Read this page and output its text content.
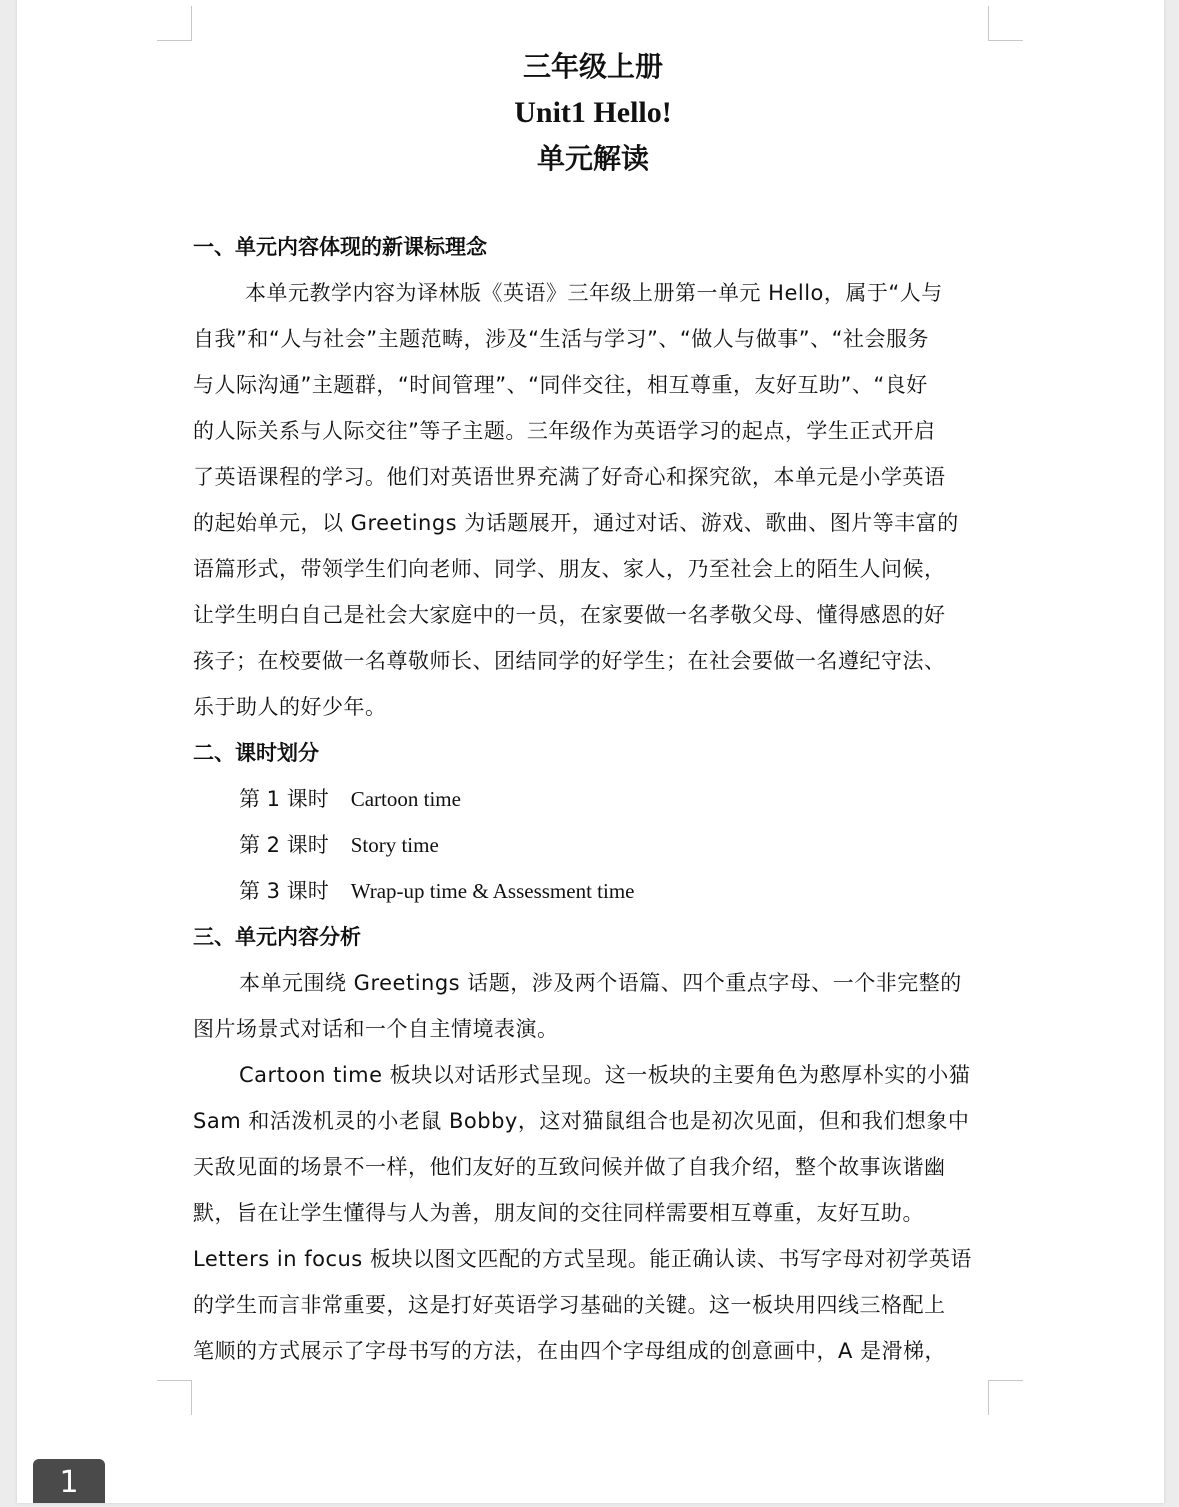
三年级上册

Unit1 Hello!

单元解读

一、单元内容体现的新课标理念

本单元教学内容为译林版《英语》三年级上册第一单元 Hello，属于“人与
自我”和“人与社会”主题范畴，涉及“生活与学习”、“做人与做事”、“社会服务
与人际沟通”主题群，“时间管理”、“同伴交往，相互尊重，友好互助”、“良好
的人际关系与人际交往”等子主题。三年级作为英语学习的起点，学生正式开启
了英语课程的学习。他们对英语世界充满了好奇心和探究欲，本单元是小学英语
的起始单元，以 Greetings 为话题展开，通过对话、游戏、歌曲、图片等丰富的
语篇形式，带领学生们向老师、同学、朋友、家人，乃至社会上的陌生人问候，
让学生明白自己是社会大家庭中的一员，在家要做一名孝敬父母、懂得感恩的好
孩子；在校要做一名尊敬师长、团结同学的好学生；在社会要做一名遵纪守法、
乐于助人的好少年。

二、课时划分

第 1 课时 Cartoon time

第 2 课时 Story time

第 3 课时 Wrap-up time & Assessment time

三、单元内容分析

本单元围绕 Greetings 话题，涉及两个语篇、四个重点字母、一个非完整的
图片场景式对话和一个自主情境表演。
Cartoon time 板块以对话形式呈现。这一板块的主要角色为憨厚朴实的小猫
Sam 和活泼机灵的小老鼠 Bobby，这对猫鼠组合也是初次见面，但和我们想象中
天敌见面的场景不一样，他们友好的互致问候并做了自我介绍，整个故事诙谐幽
默，旨在让学生懂得与人为善，朋友间的交往同样需要相互尊重，友好互助。
Letters in focus 板块以图文匹配的方式呈现。能正确认读、书写字母对初学英语
的学生而言非常重要，这是打好英语学习基础的关键。这一板块用四线三格配上
笔顺的方式展示了字母书写的方法，在由四个字母组成的创意画中，A 是滑梯，
1
